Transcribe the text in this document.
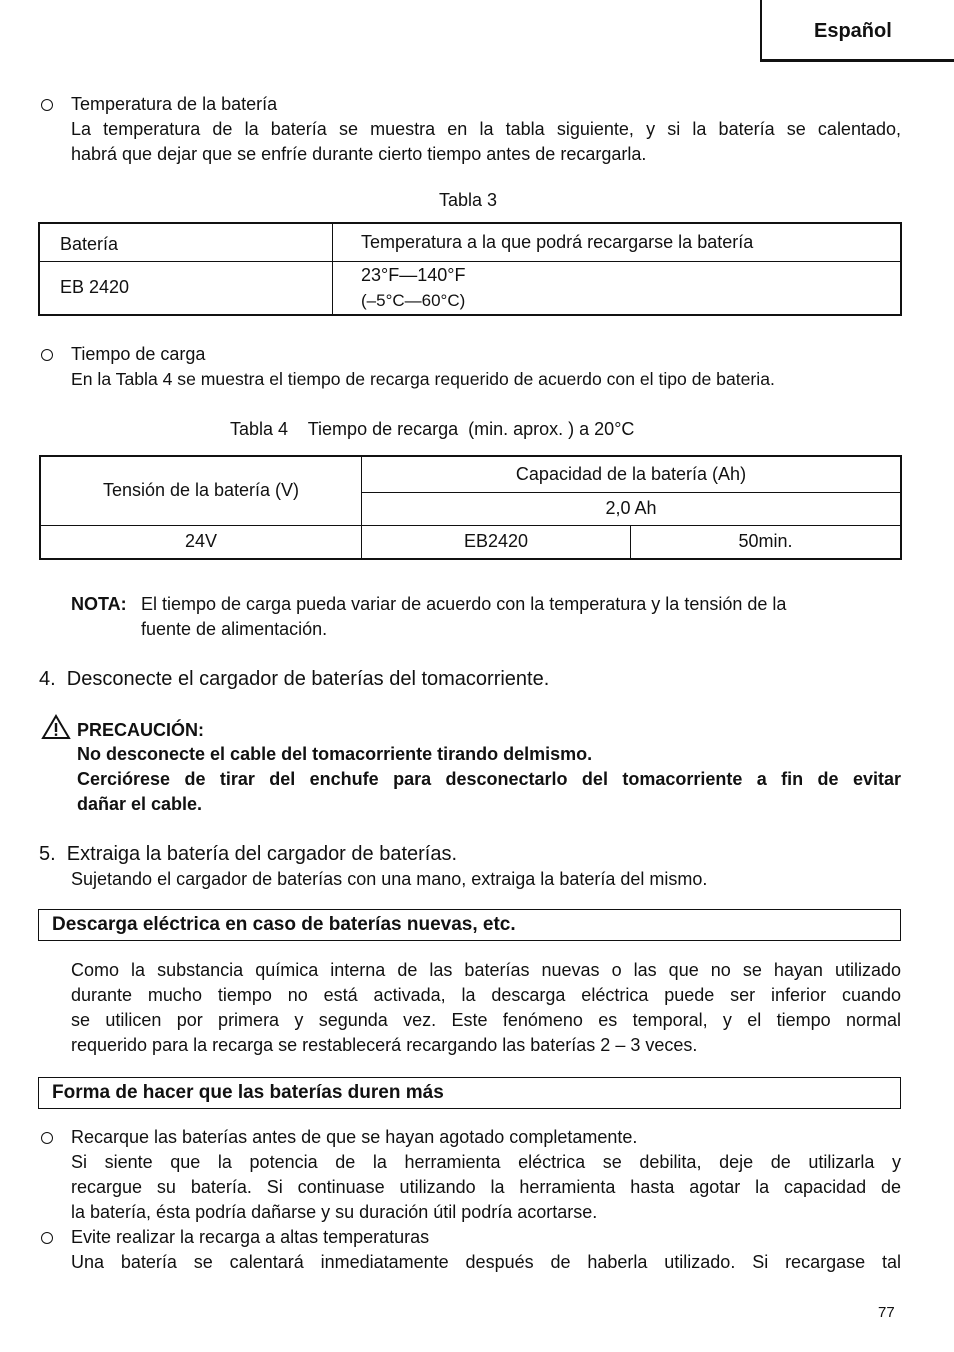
Español
Temperatura de la batería
La temperatura de la batería se muestra en la tabla siguiente, y si la batería se calentado,
habrá que dejar que se enfríe durante cierto tiempo antes de recargarla.
Tabla 3
Batería	Temperatura a la que podrá recargarse la batería
EB 2420	23°F—140°F
(–5°C—60°C)
Tiempo de carga
En la Tabla 4 se muestra el tiempo de recarga requerido de acuerdo con el tipo de bateria.
Tabla 4    Tiempo de recarga  (min. aprox. ) a 20°C
Tensión de la batería (V)	Capacidad de la batería (Ah)	
	2,0 Ah	
24V	EB2420	50min.
NOTA: El tiempo de carga pueda variar de acuerdo con la temperatura y la tensión de la
fuente de alimentación.
4.  Desconecte el cargador de baterías del tomacorriente.
PRECAUCIÓN:
No desconecte el cable del tomacorriente tirando delmismo.
Cerciórese de tirar del enchufe para desconectarlo del tomacorriente a fin de evitar
dañar el cable.
5.  Extraiga la batería del cargador de baterías.
Sujetando el cargador de baterías con una mano, extraiga la batería del mismo.
Descarga eléctrica en caso de baterías nuevas, etc.
Como la substancia química interna de las baterías nuevas o las que no se hayan utilizado
durante mucho tiempo no está activada, la descarga eléctrica puede ser inferior cuando
se utilicen por primera y segunda vez. Este fenómeno es temporal, y el tiempo normal
requerido para la recarga se restablecerá recargando las baterías 2 – 3 veces.
Forma de hacer que las baterías duren más
Recarque las baterías antes de que se hayan agotado completamente.
Si siente que la potencia de la herramienta eléctrica se debilita, deje de utilizarla y
recargue su batería. Si continuase utilizando la herramienta hasta agotar la capacidad de
la batería, ésta podría dañarse y su duración útil podría acortarse.
Evite realizar la recarga a altas temperaturas
Una batería se calentará inmediatamente después de haberla utilizado. Si recargase tal
77
